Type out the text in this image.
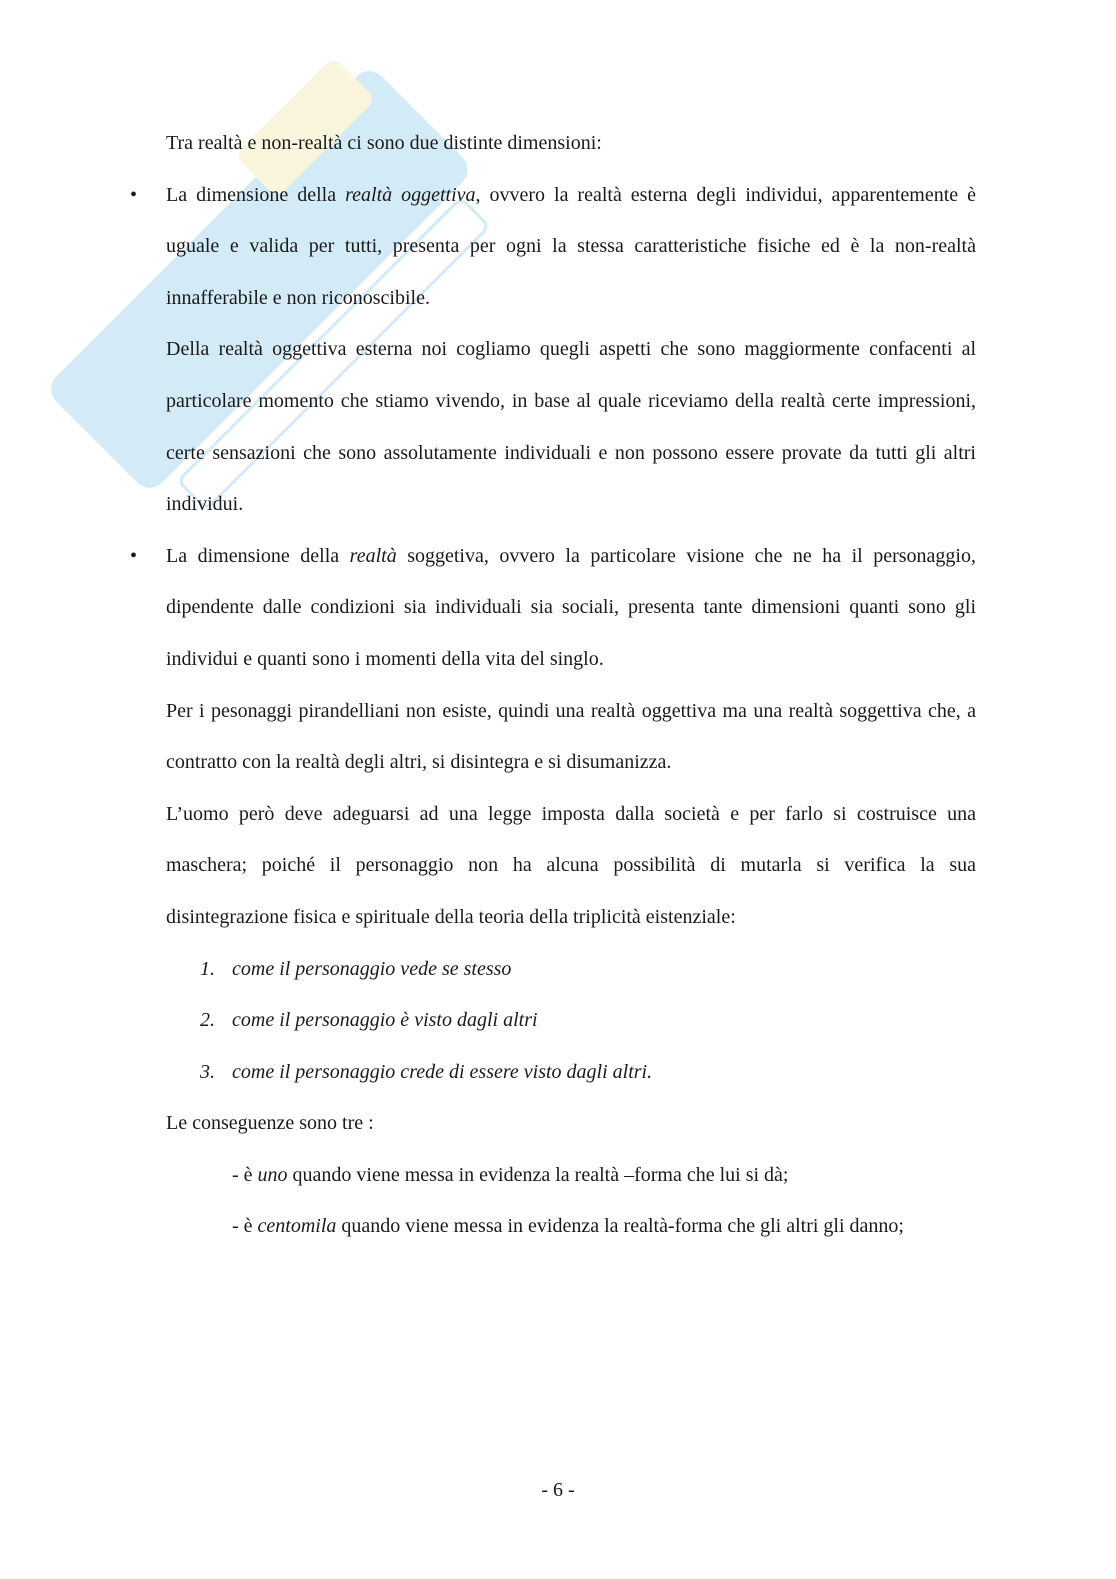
Tra realtà e non-realtà ci sono due distinte dimensioni:

• La dimensione della realtà oggettiva, ovvero la realtà esterna degli individui, apparentemente è uguale e valida per tutti, presenta per ogni la stessa caratteristiche fisiche ed è la non-realtà innafferabile e non riconoscibile.

Della realtà oggettiva esterna noi cogliamo quegli aspetti che sono maggiormente confacenti al particolare momento che stiamo vivendo, in base al quale riceviamo della realtà certe impressioni, certe sensazioni che sono assolutamente individuali e non possono essere provate da tutti gli altri individui.

• La dimensione della realtà soggetiva, ovvero la particolare visione che ne ha il personaggio, dipendente dalle condizioni sia individuali sia sociali, presenta tante dimensioni quanti sono gli individui e quanti sono i momenti della vita del singlo.

Per i pesonaggi pirandelliani non esiste, quindi una realtà oggettiva ma una realtà soggettiva che, a contratto con la realtà degli altri, si disintegra e si disumanizza.

L’uomo però deve adeguarsi ad una legge imposta dalla società e per farlo si costruisce una maschera; poiché il personaggio non ha alcuna possibilità di mutarla si verifica la sua disintegrazione fisica e spirituale della teoria della triplicità eistenziale:

1. come il personaggio vede se stesso

2. come il personaggio è visto dagli altri

3. come il personaggio crede di essere visto dagli altri.

Le conseguenze sono tre :

- è uno quando viene messa in evidenza la realtà –forma che lui si dà;

- è centomila quando viene messa in evidenza la realtà-forma che gli altri gli danno;

- 6 -
